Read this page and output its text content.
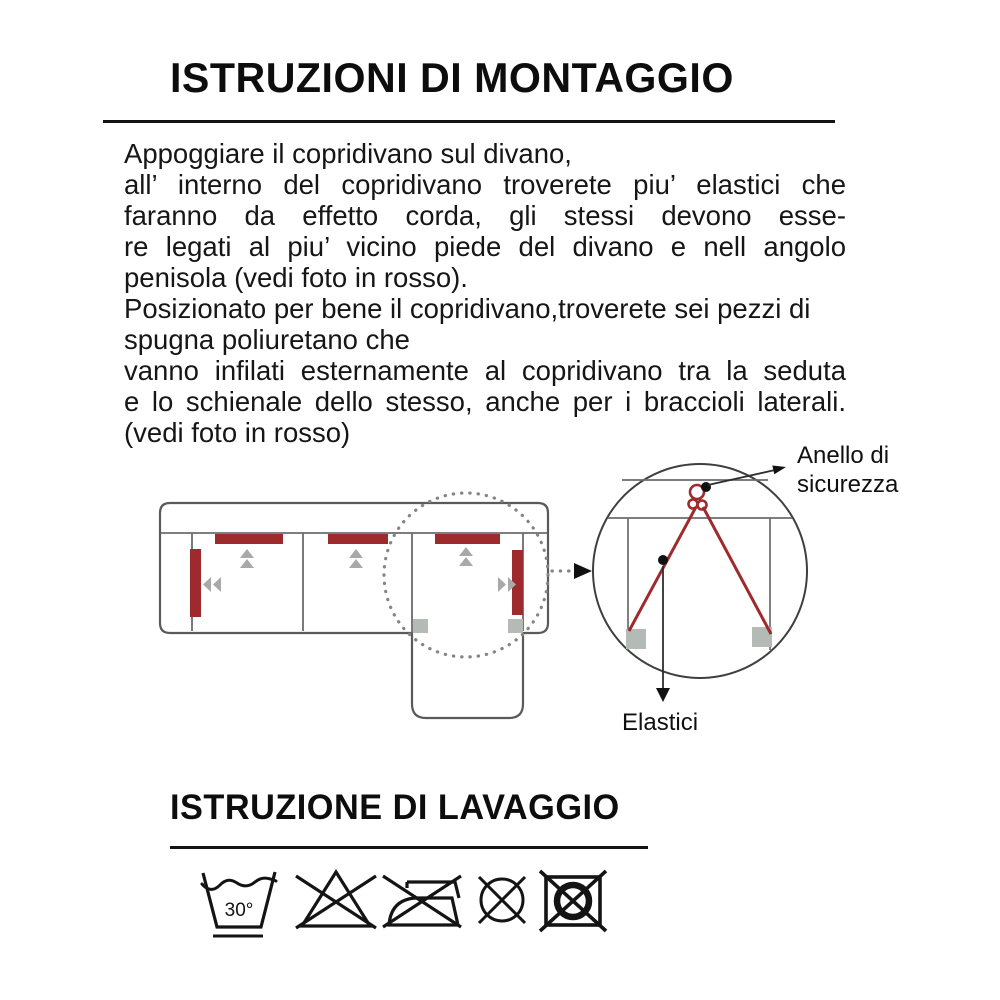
ISTRUZIONI DI MONTAGGIO
Appoggiare il copridivano sul divano,
all’ interno del copridivano troverete piu’ elastici che
faranno da effetto corda, gli stessi devono esse-
re legati al piu’ vicino piede del divano e nell angolo
penisola (vedi foto in rosso).
Posizionato per bene il copridivano,troverete sei pezzi di
spugna poliuretano che
vanno infilati esternamente al copridivano tra la seduta
e lo schienale dello stesso, anche per i braccioli laterali.
(vedi foto in rosso)
Anello di sicurezza
Elastici
ISTRUZIONE DI LAVAGGIO
30°
